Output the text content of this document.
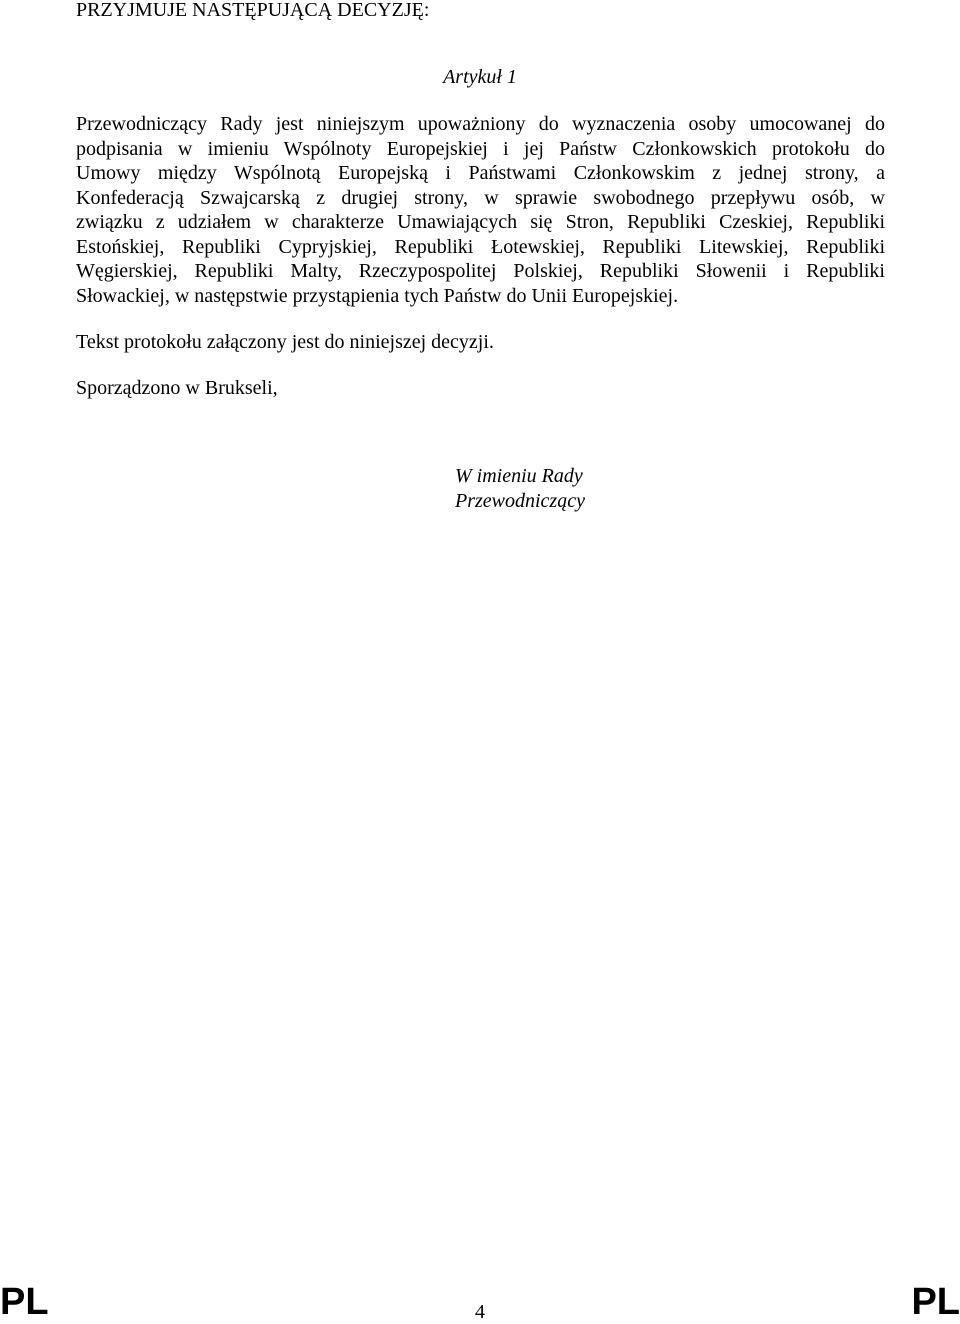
PRZYJMUJE NASTĘPUJĄCĄ DECYZJĘ:

Artykuł 1

Przewodniczący Rady jest niniejszym upoważniony do wyznaczenia osoby umocowanej do
podpisania w imieniu Wspólnoty Europejskiej i jej Państw Członkowskich protokołu do
Umowy między Wspólnotą Europejską i Państwami Członkowskim z jednej strony, a
Konfederacją Szwajcarską z drugiej strony, w sprawie swobodnego przepływu osób, w
związku z udziałem w charakterze Umawiających się Stron, Republiki Czeskiej, Republiki
Estońskiej, Republiki Cypryjskiej, Republiki Łotewskiej, Republiki Litewskiej, Republiki
Węgierskiej, Republiki Malty, Rzeczypospolitej Polskiej, Republiki Słowenii i Republiki
Słowackiej, w następstwie przystąpienia tych Państw do Unii Europejskiej.

Tekst protokołu załączony jest do niniejszej decyzji.

Sporządzono w Brukseli,

W imieniu Rady
Przewodniczący

PL	4	PL
